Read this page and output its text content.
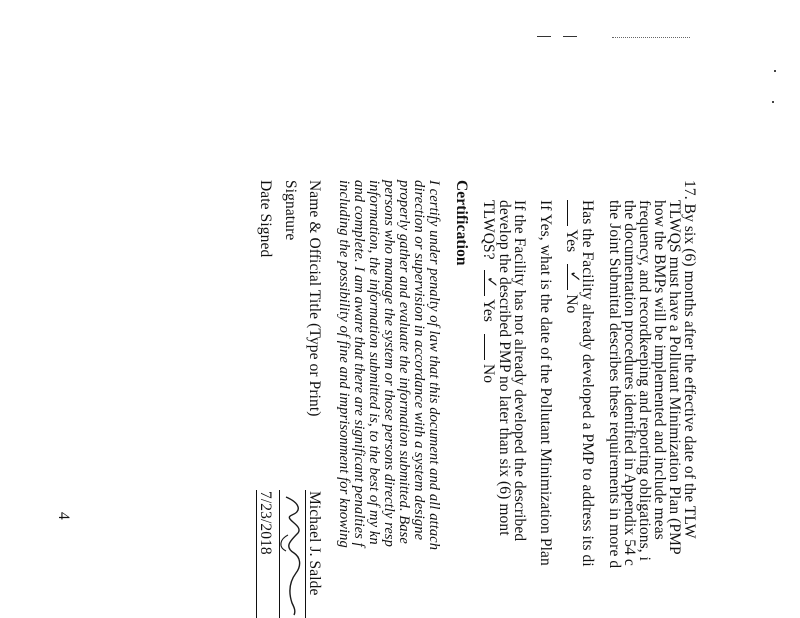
17. By six (6) months after the effective date of the TLW
TLWQS must have a Pollutant Minimization Plan (PMP
how the BMPs will be implemented and include meas
frequency, and recordkeeping and reporting obligations, i
the documentation procedures identified in Appendix 54 c
the Joint Submittal describes these requirements in more d
Has the Facility already developed a PMP to address its di
Yes
✓
No
If Yes, what is the date of the Pollutant Minimization Plan
If the Facility has not already developed the described
develop the described PMP no later than six (6) mont
TLWQS?
✓
Yes  No
Certification
I certify under penalty of law that this document and all attach
direction or supervision in accordance with a system designe
properly gather and evaluate the information submitted. Base
persons who manage the system or those persons directly resp
information, the information submitted is, to the best of my kn
and complete. I am aware that there are significant penalties f
including the possibility of fine and imprisonment for knowing
Name & Official Title (Type or Print)
Michael J. Salde
Signature
Date Signed
7/23/2018
4
